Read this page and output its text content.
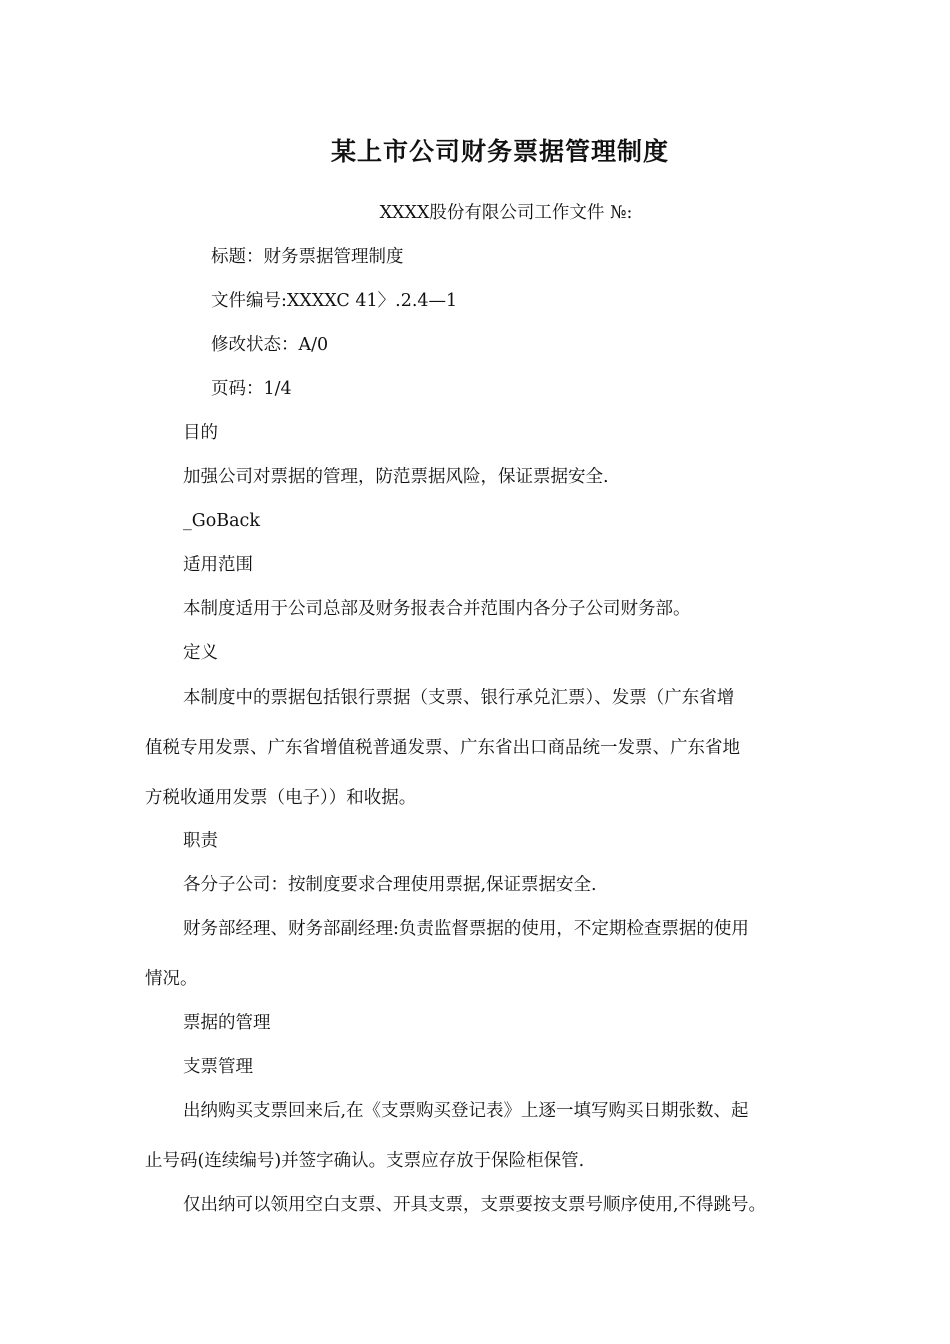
某上市公司财务票据管理制度

XXXX股份有限公司工作文件 №:

标题：财务票据管理制度

文件编号:XXXXC 41〉.2.4—1

修改状态：A/0

页码：1/4

目的

加强公司对票据的管理，防范票据风险，保证票据安全.

_GoBack

适用范围

本制度适用于公司总部及财务报表合并范围内各分子公司财务部。

定义

本制度中的票据包括银行票据（支票、银行承兑汇票）、发票（广东省增

值税专用发票、广东省增值税普通发票、广东省出口商品统一发票、广东省地

方税收通用发票（电子））和收据。

职责

各分子公司：按制度要求合理使用票据,保证票据安全.

财务部经理、财务部副经理:负责监督票据的使用，不定期检查票据的使用

情况。

票据的管理

支票管理

出纳购买支票回来后,在《支票购买登记表》上逐一填写购买日期张数、起

止号码(连续编号)并签字确认。支票应存放于保险柜保管.

仅出纳可以领用空白支票、开具支票，支票要按支票号顺序使用,不得跳号。
